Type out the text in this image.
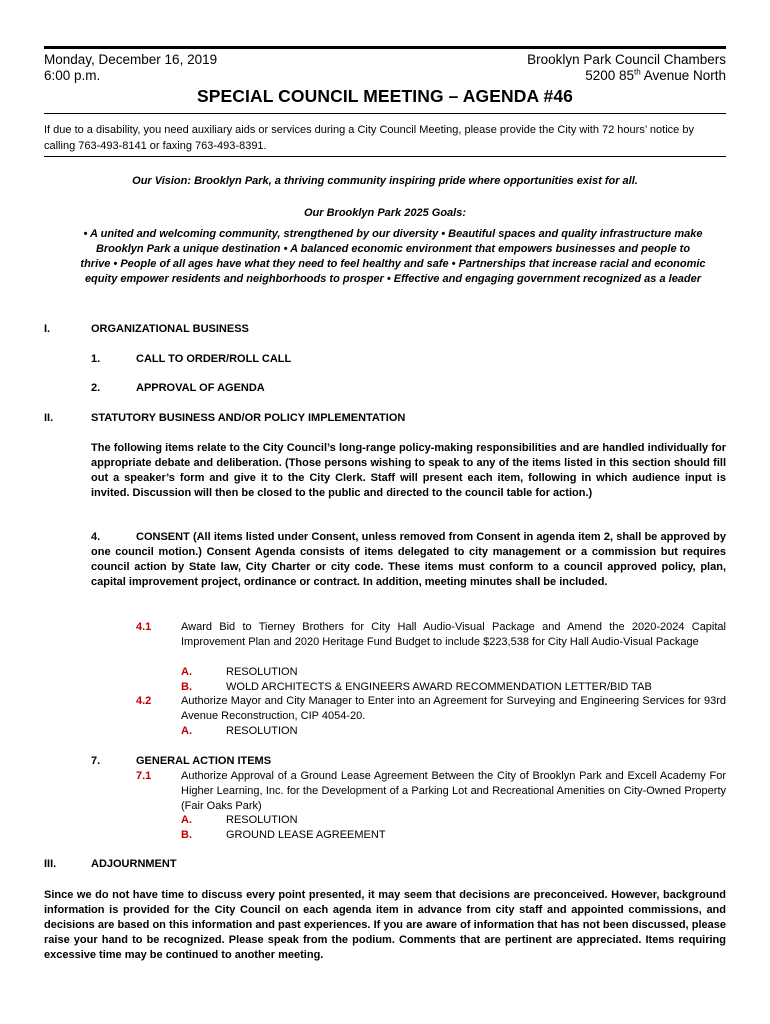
Monday, December 16, 2019
6:00 p.m.
Brooklyn Park Council Chambers
5200 85th Avenue North
SPECIAL COUNCIL MEETING – AGENDA #46
If due to a disability, you need auxiliary aids or services during a City Council Meeting, please provide the City with 72 hours’ notice by calling 763-493-8141 or faxing 763-493-8391.
Our Vision: Brooklyn Park, a thriving community inspiring pride where opportunities exist for all.
Our Brooklyn Park 2025 Goals:
• A united and welcoming community, strengthened by our diversity • Beautiful spaces and quality infrastructure make Brooklyn Park a unique destination • A balanced economic environment that empowers businesses and people to thrive • People of all ages have what they need to feel healthy and safe • Partnerships that increase racial and economic equity empower residents and neighborhoods to prosper • Effective and engaging government recognized as a leader
I.	ORGANIZATIONAL BUSINESS
1.	CALL TO ORDER/ROLL CALL
2.	APPROVAL OF AGENDA
II.	STATUTORY BUSINESS AND/OR POLICY IMPLEMENTATION
The following items relate to the City Council’s long-range policy-making responsibilities and are handled individually for appropriate debate and deliberation. (Those persons wishing to speak to any of the items listed in this section should fill out a speaker’s form and give it to the City Clerk. Staff will present each item, following in which audience input is invited. Discussion will then be closed to the public and directed to the council table for action.)
4.	CONSENT (All items listed under Consent, unless removed from Consent in agenda item 2, shall be approved by one council motion.) Consent Agenda consists of items delegated to city management or a commission but requires council action by State law, City Charter or city code. These items must conform to a council approved policy, plan, capital improvement project, ordinance or contract. In addition, meeting minutes shall be included.
4.1	Award Bid to Tierney Brothers for City Hall Audio-Visual Package and Amend the 2020-2024 Capital Improvement Plan and 2020 Heritage Fund Budget to include $223,538 for City Hall Audio-Visual Package
A.	RESOLUTION
B.	WOLD ARCHITECTS & ENGINEERS AWARD RECOMMENDATION LETTER/BID TAB
4.2	Authorize Mayor and City Manager to Enter into an Agreement for Surveying and Engineering Services for 93rd Avenue Reconstruction, CIP 4054-20.
A.	RESOLUTION
7.	GENERAL ACTION ITEMS
7.1	Authorize Approval of a Ground Lease Agreement Between the City of Brooklyn Park and Excell Academy For Higher Learning, Inc. for the Development of a Parking Lot and Recreational Amenities on City-Owned Property (Fair Oaks Park)
A.	RESOLUTION
B.	GROUND LEASE AGREEMENT
III.	ADJOURNMENT
Since we do not have time to discuss every point presented, it may seem that decisions are preconceived. However, background information is provided for the City Council on each agenda item in advance from city staff and appointed commissions, and decisions are based on this information and past experiences. If you are aware of information that has not been discussed, please raise your hand to be recognized. Please speak from the podium. Comments that are pertinent are appreciated. Items requiring excessive time may be continued to another meeting.
